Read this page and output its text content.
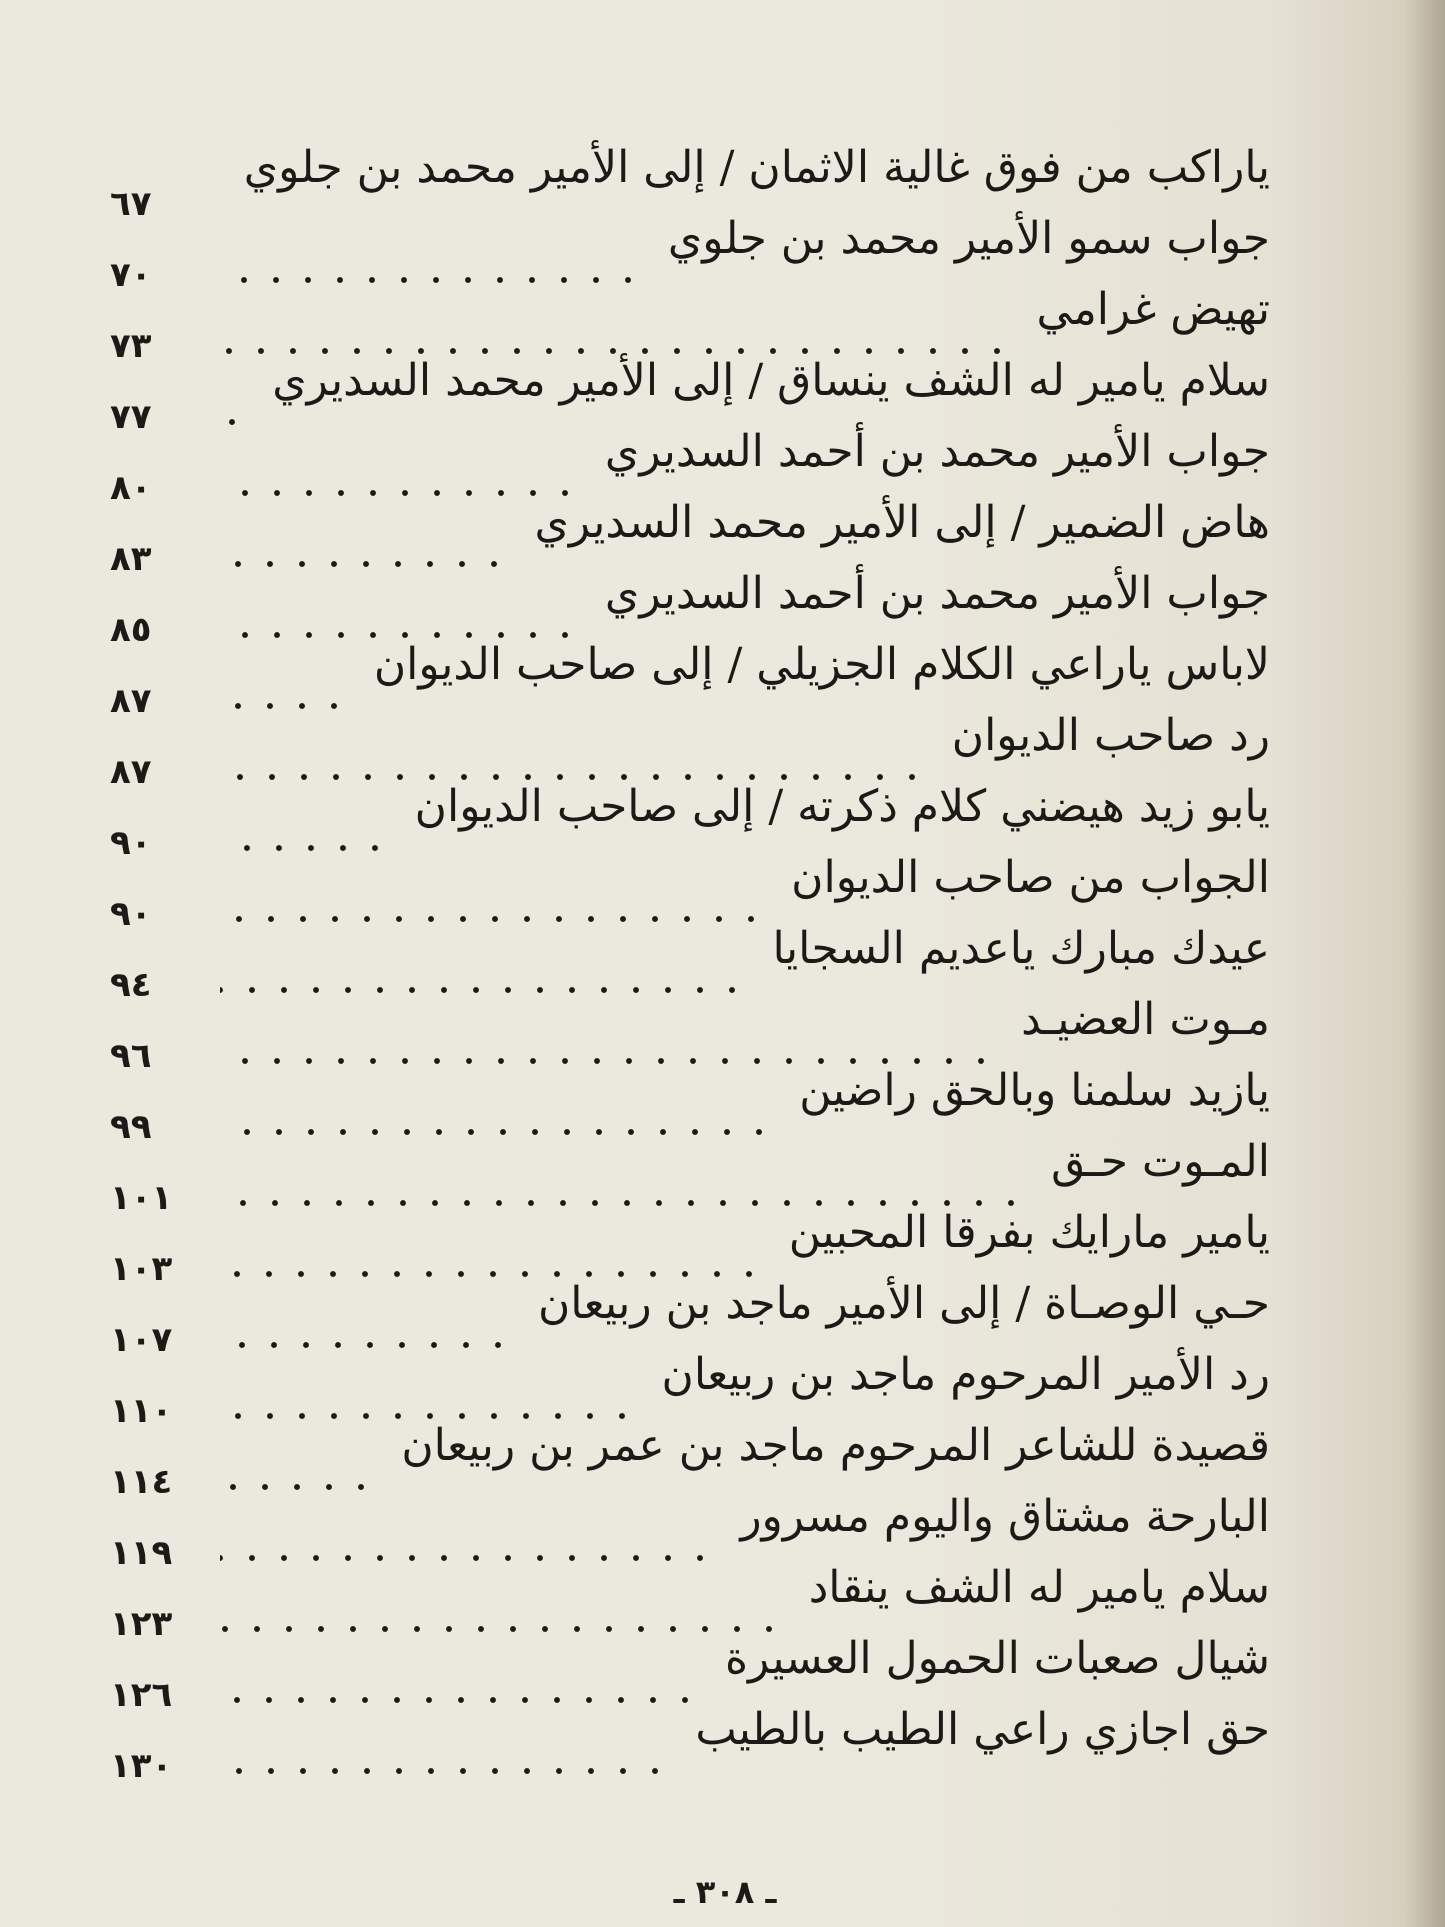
٦٧
ياراكب من فوق غالية الاثمان / إلى الأمير محمد بن جلوي
٧٠
جواب سمو الأمير محمد بن جلوي
٧٣
تهيض غرامي
٧٧
سلام يامير له الشف ينساق / إلى الأمير محمد السديري
٨٠
جواب الأمير محمد بن أحمد السديري
٨٣
هاض الضمير / إلى الأمير محمد السديري
٨٥
جواب الأمير محمد بن أحمد السديري
٨٧
لاباس ياراعي الكلام الجزيلي / إلى صاحب الديوان
٨٧
رد صاحب الديوان
٩٠
يابو زيد هيضني كلام ذكرته / إلى صاحب الديوان
٩٠
الجواب من صاحب الديوان
٩٤
عيدك مبارك ياعديم السجايا
٩٦
مـوت العضيـد
٩٩
يازيد سلمنا وبالحق راضين
١٠١
المـوت حـق
١٠٣
يامير مارايك بفرقا المحبين
١٠٧
حـي الوصـاة / إلى الأمير ماجد بن ربيعان
١١٠
رد الأمير المرحوم ماجد بن ربيعان
١١٤
قصيدة للشاعر المرحوم ماجد بن عمر بن ربيعان
١١٩
البارحة مشتاق واليوم مسرور
١٢٣
سلام يامير له الشف ينقاد
١٢٦
شيال صعبات الحمول العسيرة
١٣٠
حق اجازي راعي الطيب بالطيب
ـ ٣٠٨ ـ
